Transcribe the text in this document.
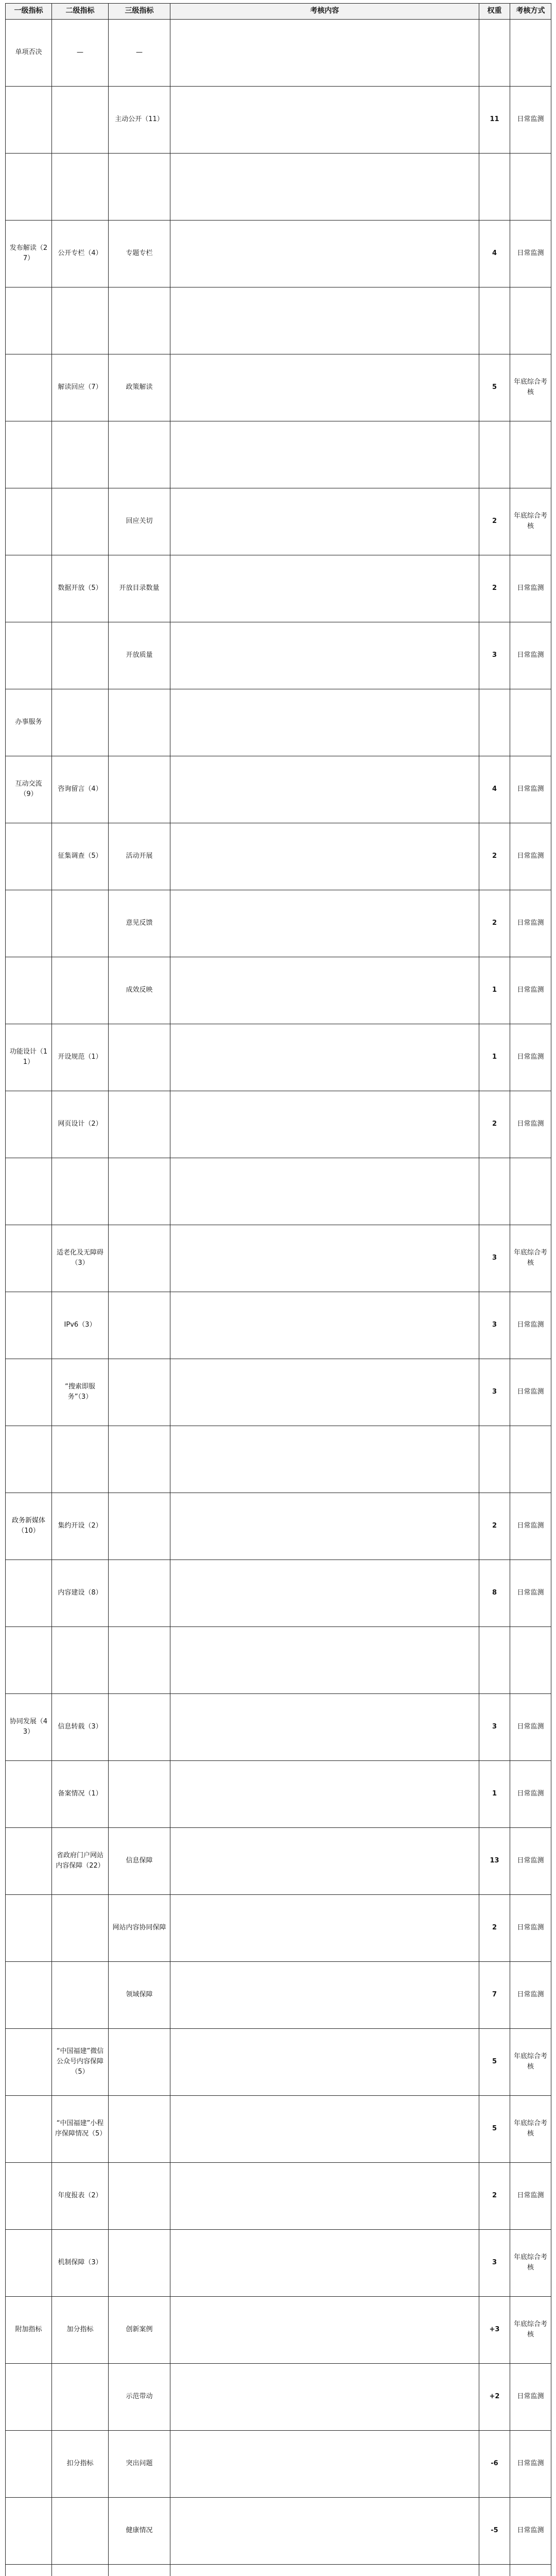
一级指标	二级指标	三级指标	考核内容	权重	考核方式
单项否决	—	—			
		主动公开（11）		11	日常监测

发布解读（27）	公开专栏（4）	专题专栏		4	日常监测

	解读回应（7）	政策解读		5	年底综合考核

		回应关切		2	年底综合考核
	数据开放（5）	开放目录数量		2	日常监测
		开放质量		3	日常监测
办事服务					
互动交流（9）	咨询留言（4）			4	日常监测
	征集调查（5）	活动开展		2	日常监测
		意见反馈		2	日常监测
		成效反映		1	日常监测
功能设计（11）	开设规范（1）			1	日常监测
	网页设计（2）			2	日常监测

	适老化及无障碍（3）			3	年底综合考核
	IPv6（3）			3	日常监测
	“搜索即服务”（3）			3	日常监测

政务新媒体（10）	集约开设（2）			2	日常监测
	内容建设（8）			8	日常监测

协同发展（43）	信息转载（3）			3	日常监测
	备案情况（1）			1	日常监测
	省政府门户网站内容保障（22）	信息保障		13	日常监测
		网站内容协同保障		2	日常监测
		领域保障		7	日常监测
	“中国福建”微信公众号内容保障（5）			5	年底综合考核
	“中国福建”小程序保障情况（5）			5	年底综合考核
	年度报表（2）			2	日常监测
	机制保障（3）			3	年底综合考核
附加指标	加分指标	创新案例		+3	年底综合考核
		示范带动		+2	日常监测
	扣分指标	突出问题		-6	日常监测
		健康情况		-5	日常监测
